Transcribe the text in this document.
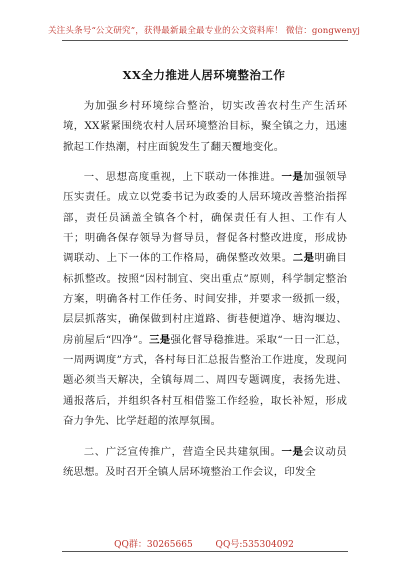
关注头条号“公文研究”，获得最新最全最专业的公文资料库！ 微信：gongwenyj
XX全力推进人居环境整治工作

为加强乡村环境综合整治，切实改善农村生产生活环境，XX紧紧围绕农村人居环境整治目标，聚全镇之力，迅速掀起工作热潮，村庄面貌发生了翻天覆地变化。

一、思想高度重视，上下联动一体推进。一是加强领导压实责任。成立以党委书记为政委的人居环境改善整治指挥部，责任员涵盖全镇各个村，确保责任有人担、工作有人干；明确各保存领导为督导员，督促各村整改进度，形成协调联动、上下一体的工作格局，确保整改效果。二是明确目标抓整改。按照“因村制宜、突出重点”原则，科学制定整治方案，明确各村工作任务、时间安排，并要求一级抓一级，层层抓落实，确保做到村庄道路、街巷便道净、塘沟堰边、房前屋后“四净”。三是强化督导稳推进。采取“一日一汇总，一周两调度”方式，各村每日汇总报告整治工作进度，发现问题必须当天解决，全镇每周二、周四专题调度，表扬先进、通报落后，并组织各村互相借鉴工作经验，取长补短，形成奋力争先、比学赶超的浓厚氛围。

二、广泛宣传推广，营造全民共建氛围。一是会议动员统思想。及时召开全镇人居环境整治工作会议，印发全

QQ群：30265665        QQ号:535304092
